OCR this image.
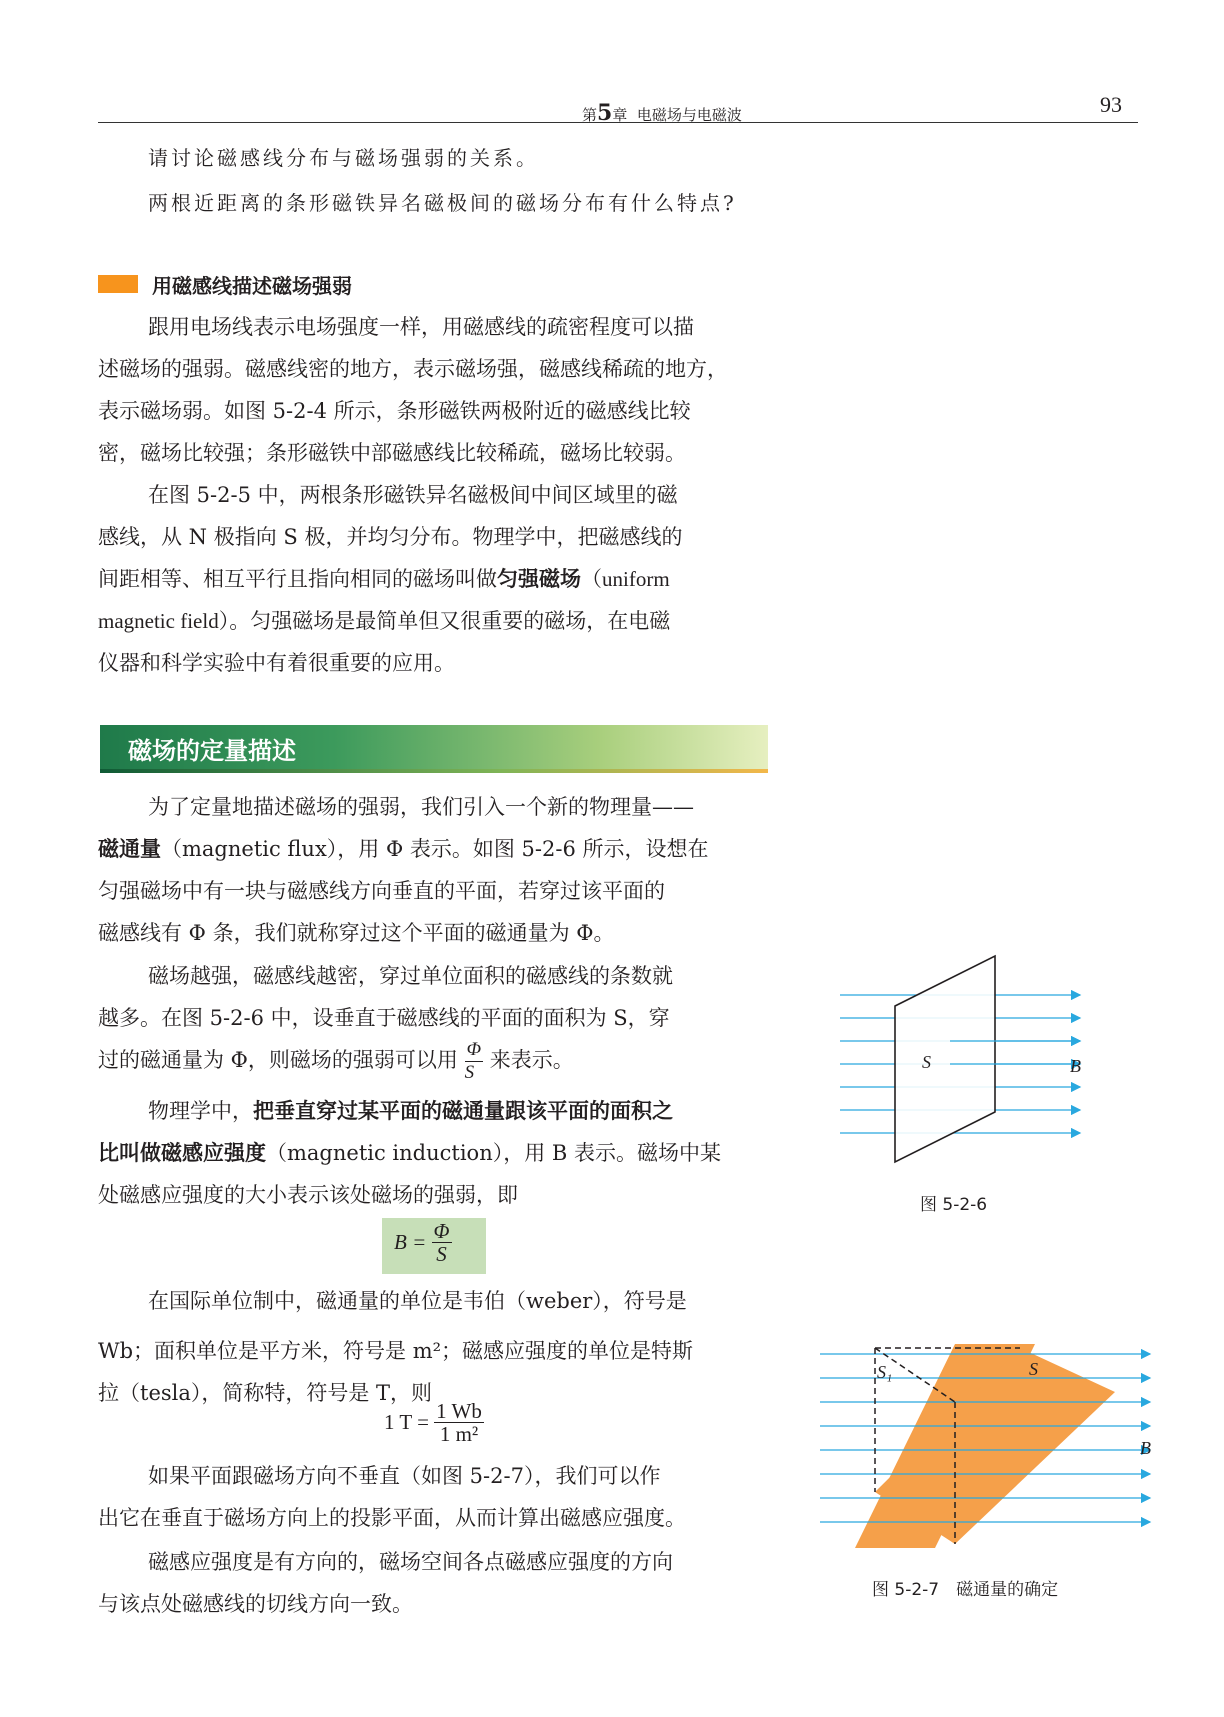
第5章 电磁场与电磁波	93
请讨论磁感线分布与磁场强弱的关系。
两根近距离的条形磁铁异名磁极间的磁场分布有什么特点?
用磁感线描述磁场强弱
跟用电场线表示电场强度一样，用磁感线的疏密程度可以描
述磁场的强弱。磁感线密的地方，表示磁场强，磁感线稀疏的地方，
表示磁场弱。如图 5-2-4 所示，条形磁铁两极附近的磁感线比较
密，磁场比较强；条形磁铁中部磁感线比较稀疏，磁场比较弱。
在图 5-2-5 中，两根条形磁铁异名磁极间中间区域里的磁
感线，从 N 极指向 S 极，并均匀分布。物理学中，把磁感线的
间距相等、相互平行且指向相同的磁场叫做匀强磁场（uniform
magnetic field）。匀强磁场是最简单但又很重要的磁场，在电磁
仪器和科学实验中有着很重要的应用。
磁场的定量描述
为了定量地描述磁场的强弱，我们引入一个新的物理量——
磁通量（magnetic flux），用 Φ 表示。如图 5-2-6 所示，设想在
匀强磁场中有一块与磁感线方向垂直的平面，若穿过该平面的
磁感线有 Φ 条，我们就称穿过这个平面的磁通量为 Φ。
磁场越强，磁感线越密，穿过单位面积的磁感线的条数就
越多。在图 5-2-6 中，设垂直于磁感线的平面的面积为 S，穿
过的磁通量为 Φ，则磁场的强弱可以用 $\frac{\Phi}{S}$ 来表示。
物理学中，把垂直穿过某平面的磁通量跟该平面的面积之
比叫做磁感应强度（magnetic induction），用 B 表示。磁场中某
处磁感应强度的大小表示该处磁场的强弱，即
$B = \frac{\Phi}{S}$
在国际单位制中，磁通量的单位是韦伯（weber），符号是
Wb；面积单位是平方米，符号是 m²；磁感应强度的单位是特斯
拉（tesla），简称特，符号是 T，则
1 $T = \frac{1 Wb}{\text{1 m²}}$
如果平面跟磁场方向不垂直（如图 5-2-7），我们可以作
出它在垂直于磁场方向上的投影平面，从而计算出磁感应强度。
磁感应强度是有方向的，磁场空间各点磁感应强度的方向
与该点处磁感线的切线方向一致。
S	B
图 5-2-6
S₁	S
B
图 5-2-7　磁通量的确定
